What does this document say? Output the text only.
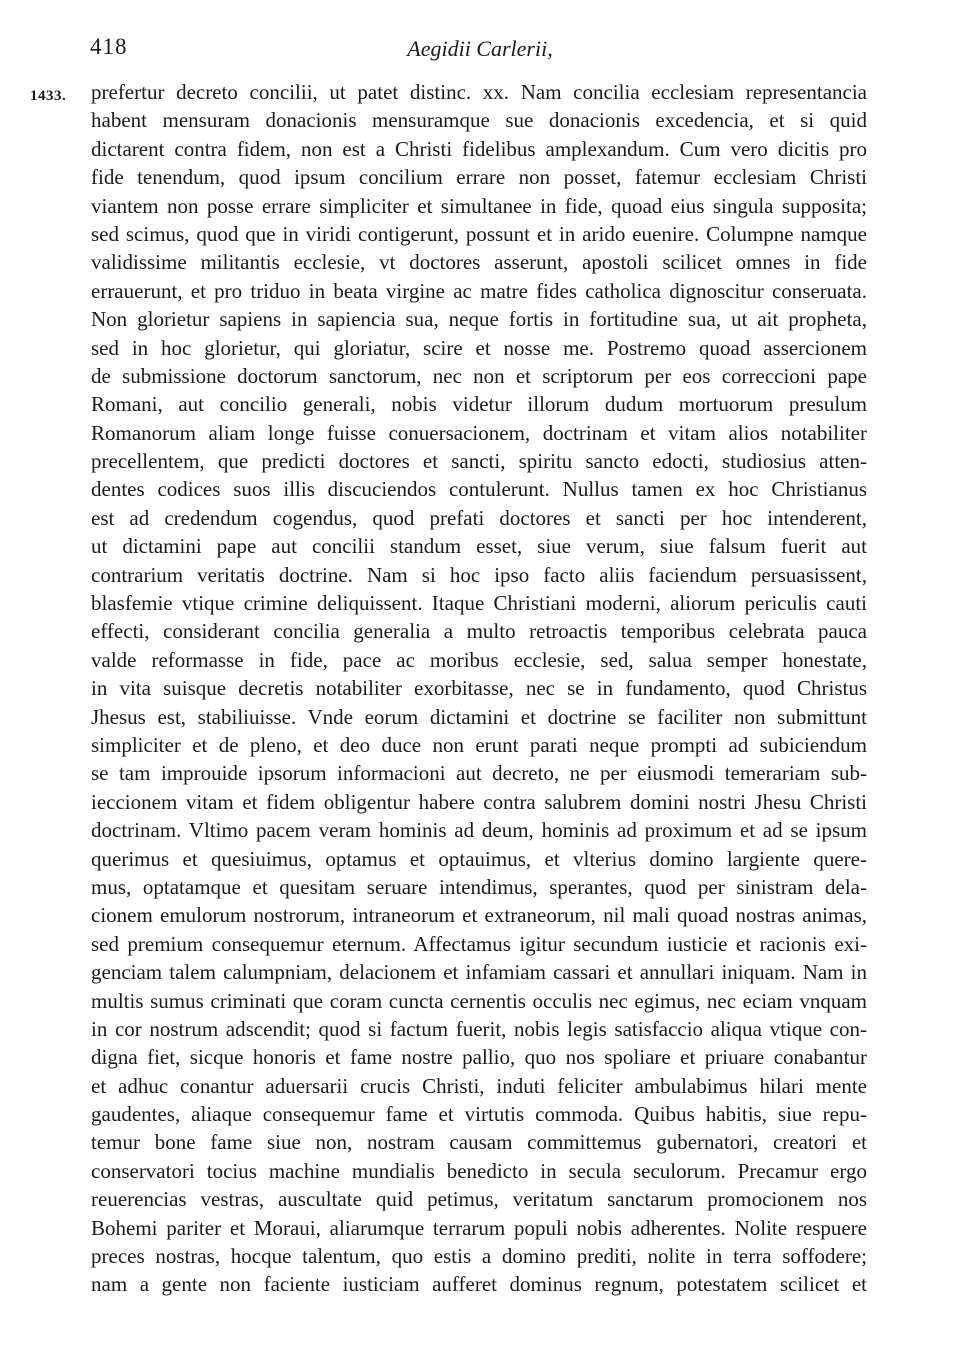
418	Aegidii Carlerii,
1433. prefertur decreto concilii, ut patet distinc. xx. Nam concilia ecclesiam representancia
habent mensuram donacionis mensuramque sue donacionis excedencia, et si quid
dictarent contra fidem, non est a Christi fidelibus amplexandum. Cum vero dicitis pro
fide tenendum, quod ipsum concilium errare non posset, fatemur ecclesiam Christi
viantem non posse errare simpliciter et simultanee in fide, quoad eius singula supposita;
sed scimus, quod que in viridi contigerunt, possunt et in arido euenire. Columpne namque
validissime militantis ecclesie, vt doctores asserunt, apostoli scilicet omnes in fide
errauerunt, et pro triduo in beata virgine ac matre fides catholica dignoscitur conseruata.
Non glorietur sapiens in sapiencia sua, neque fortis in fortitudine sua, ut ait propheta,
sed in hoc glorietur, qui gloriatur, scire et nosse me. Postremo quoad assercionem
de submissione doctorum sanctorum, nec non et scriptorum per eos correccioni pape
Romani, aut concilio generali, nobis videtur illorum dudum mortuorum presulum
Romanorum aliam longe fuisse conuersacionem, doctrinam et vitam alios notabiliter
precellentem, que predicti doctores et sancti, spiritu sancto edocti, studiosius atten-
dentes codices suos illis discuciendos contulerunt. Nullus tamen ex hoc Christianus
est ad credendum cogendus, quod prefati doctores et sancti per hoc intenderent,
ut dictamini pape aut concilii standum esset, siue verum, siue falsum fuerit aut
contrarium veritatis doctrine. Nam si hoc ipso facto aliis faciendum persuasissent,
blasfemie vtique crimine deliquissent. Itaque Christiani moderni, aliorum periculis cauti
effecti, considerant concilia generalia a multo retroactis temporibus celebrata pauca
valde reformasse in fide, pace ac moribus ecclesie, sed, salua semper honestate,
in vita suisque decretis notabiliter exorbitasse, nec se in fundamento, quod Christus
Jhesus est, stabiliuisse. Vnde eorum dictamini et doctrine se faciliter non submittunt
simpliciter et de pleno, et deo duce non erunt parati neque prompti ad subiciendum
se tam improuide ipsorum informacioni aut decreto, ne per eiusmodi temerariam sub-
ieccionem vitam et fidem obligentur habere contra salubrem domini nostri Jhesu Christi
doctrinam. Vltimo pacem veram hominis ad deum, hominis ad proximum et ad se ipsum
querimus et quesiuimus, optamus et optauimus, et vlterius domino largiente quere-
mus, optatamque et quesitam seruare intendimus, sperantes, quod per sinistram dela-
cionem emulorum nostrorum, intraneorum et extraneorum, nil mali quoad nostras animas,
sed premium consequemur eternum. Affectamus igitur secundum iusticie et racionis exi-
genciam talem calumpniam, delacionem et infamiam cassari et annullari iniquam. Nam in
multis sumus criminati que coram cuncta cernentis occulis nec egimus, nec eciam vnquam
in cor nostrum adscendit; quod si factum fuerit, nobis legis satisfaccio aliqua vtique con-
digna fiet, sicque honoris et fame nostre pallio, quo nos spoliare et priuare conabantur
et adhuc conantur aduersarii crucis Christi, induti feliciter ambulabimus hilari mente
gaudentes, aliaque consequemur fame et virtutis commoda. Quibus habitis, siue repu-
temur bone fame siue non, nostram causam committemus gubernatori, creatori et
conservatori tocius machine mundialis benedicto in secula seculorum. Precamur ergo
reuerencias vestras, auscultate quid petimus, veritatum sanctarum promocionem nos
Bohemi pariter et Moraui, aliarumque terrarum populi nobis adherentes. Nolite respuere
preces nostras, hocque talentum, quo estis a domino prediti, nolite in terra soffodere;
nam a gente non faciente iusticiam aufferet dominus regnum, potestatem scilicet et
